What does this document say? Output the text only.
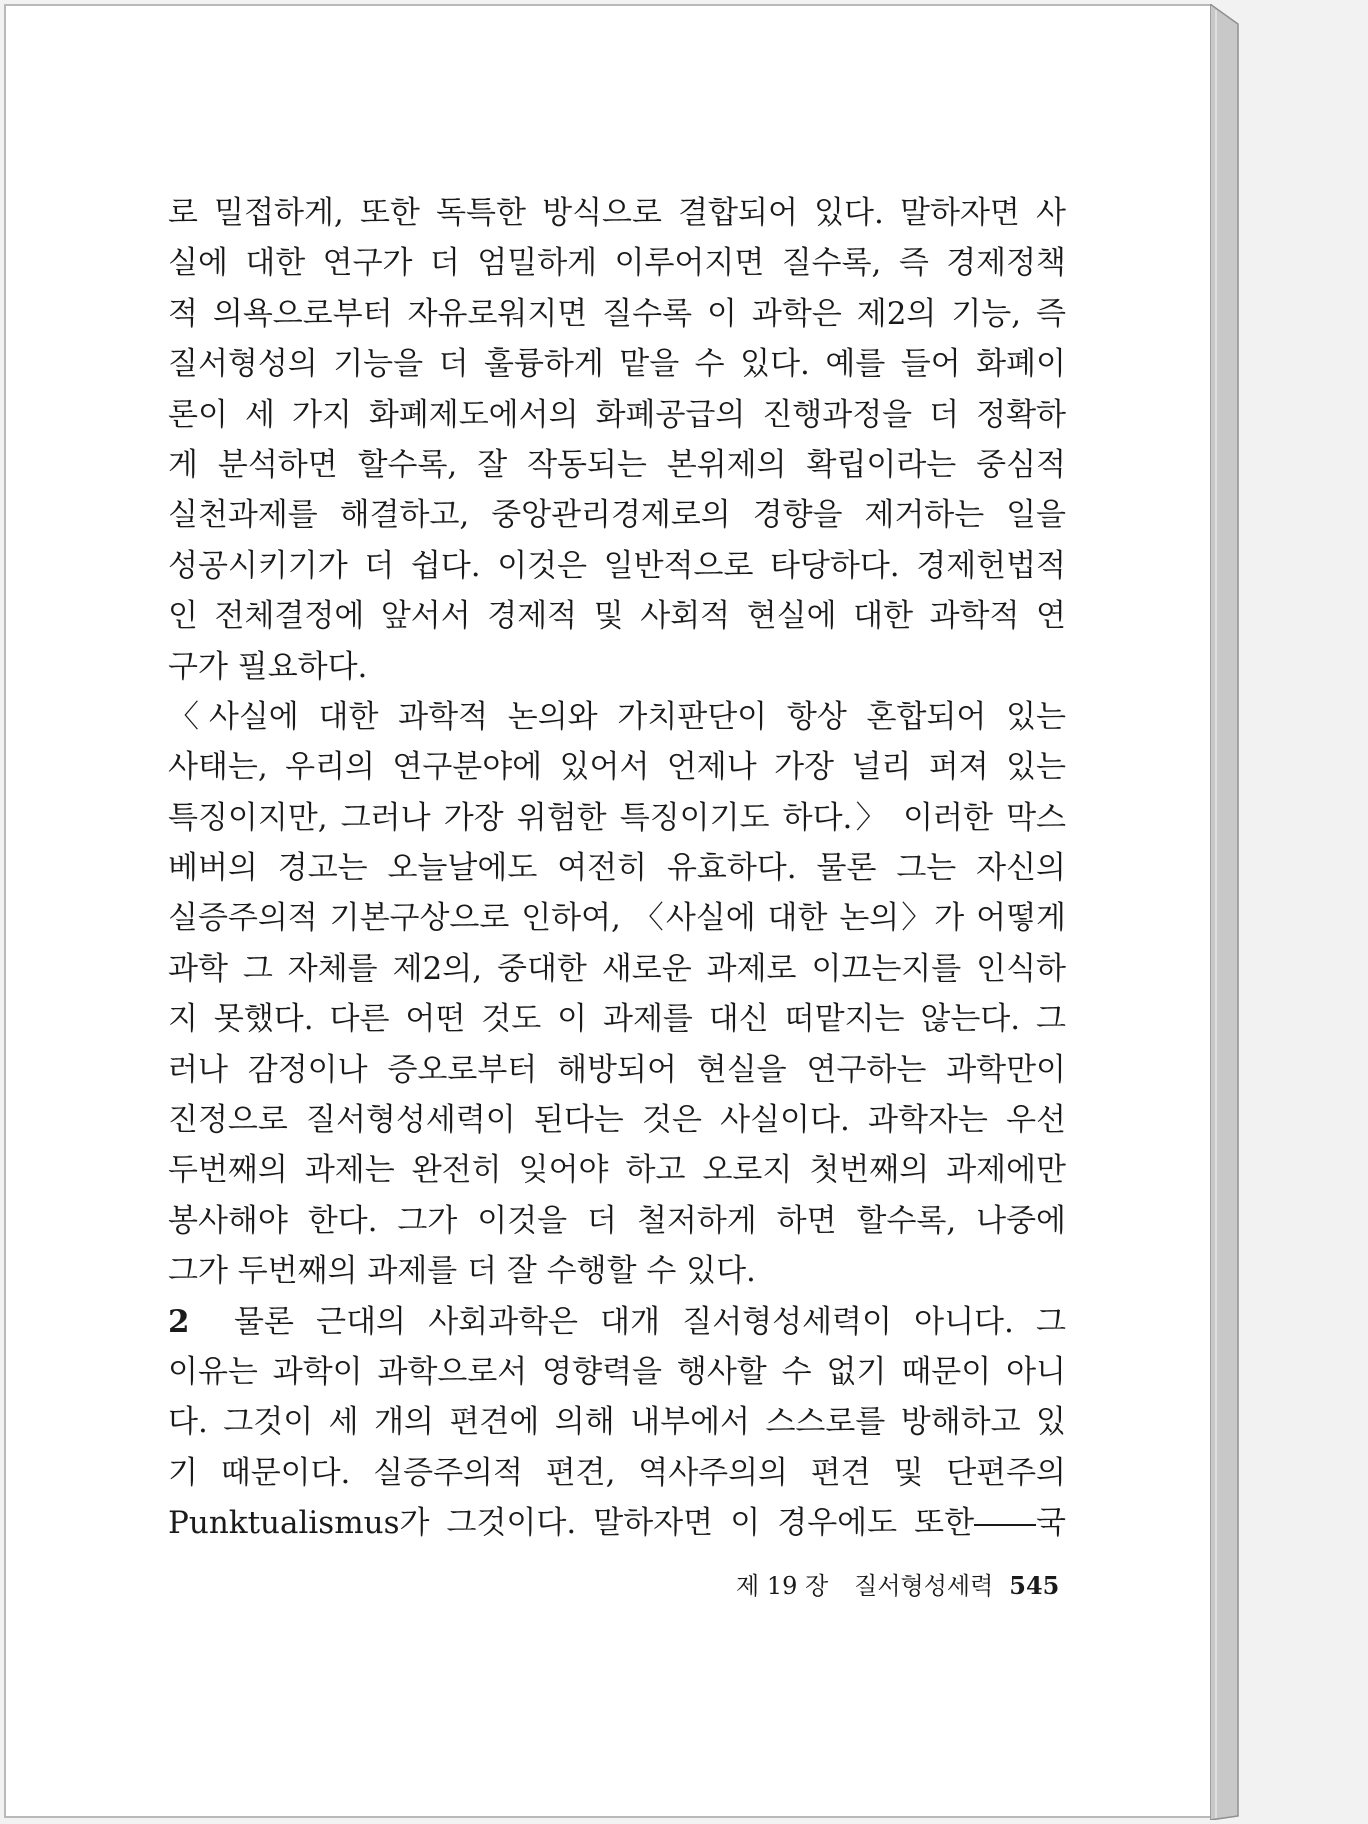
로 밀접하게, 또한 독특한 방식으로 결합되어 있다. 말하자면 사
실에 대한 연구가 더 엄밀하게 이루어지면 질수록, 즉 경제정책
적 의욕으로부터 자유로워지면 질수록 이 과학은 제2의 기능, 즉
질서형성의 기능을 더 훌륭하게 맡을 수 있다. 예를 들어 화폐이
론이 세 가지 화폐제도에서의 화폐공급의 진행과정을 더 정확하
게 분석하면 할수록, 잘 작동되는 본위제의 확립이라는 중심적
실천과제를 해결하고, 중앙관리경제로의 경향을 제거하는 일을
성공시키기가 더 쉽다. 이것은 일반적으로 타당하다. 경제헌법적
인 전체결정에 앞서서 경제적 및 사회적 현실에 대한 과학적 연
구가 필요하다.
〈사실에 대한 과학적 논의와 가치판단이 항상 혼합되어 있는
사태는, 우리의 연구분야에 있어서 언제나 가장 널리 퍼져 있는
특징이지만, 그러나 가장 위험한 특징이기도 하다.〉 이러한 막스
베버의 경고는 오늘날에도 여전히 유효하다. 물론 그는 자신의
실증주의적 기본구상으로 인하여, 〈사실에 대한 논의〉가 어떻게
과학 그 자체를 제2의, 중대한 새로운 과제로 이끄는지를 인식하
지 못했다. 다른 어떤 것도 이 과제를 대신 떠맡지는 않는다. 그
러나 감정이나 증오로부터 해방되어 현실을 연구하는 과학만이
진정으로 질서형성세력이 된다는 것은 사실이다. 과학자는 우선
두번째의 과제는 완전히 잊어야 하고 오로지 첫번째의 과제에만
봉사해야 한다. 그가 이것을 더 철저하게 하면 할수록, 나중에
그가 두번째의 과제를 더 잘 수행할 수 있다.
2 물론 근대의 사회과학은 대개 질서형성세력이 아니다. 그
이유는 과학이 과학으로서 영향력을 행사할 수 없기 때문이 아니
다. 그것이 세 개의 편견에 의해 내부에서 스스로를 방해하고 있
기 때문이다. 실증주의적 편견, 역사주의의 편견 및 단편주의
Punktualismus가 그것이다. 말하자면 이 경우에도 또한――국
제 19 장 질서형성세력 545
